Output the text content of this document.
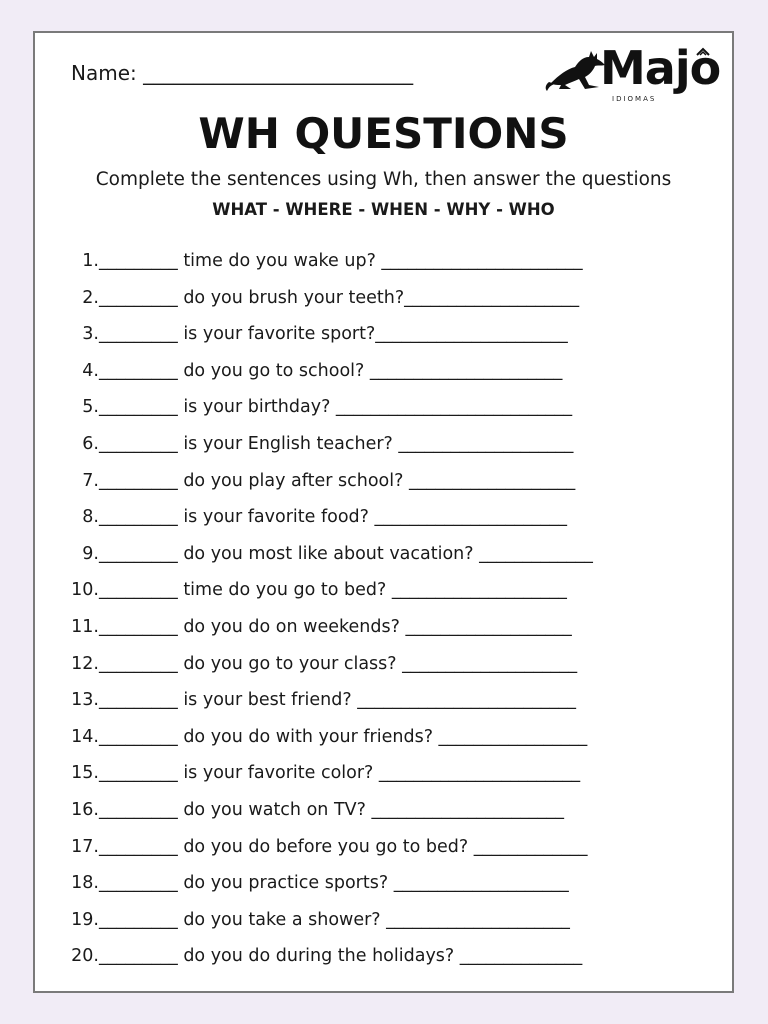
Name: ___________________________	Majo
IDIOMAS
WH QUESTIONS
Complete the sentences using Wh, then answer the questions
WHAT - WHERE - WHEN - WHY - WHO
1._________ time do you wake up? _______________________
2._________ do you brush your teeth?____________________
3._________ is your favorite sport?______________________
4._________ do you go to school? ______________________
5._________ is your birthday? ___________________________
6._________ is your English teacher? ____________________
7._________ do you play after school? ___________________
8._________ is your favorite food? ______________________
9._________ do you most like about vacation? _____________
10._________ time do you go to bed? ____________________
11._________ do you do on weekends? ___________________
12._________ do you go to your class? ____________________
13._________ is your best friend? _________________________
14._________ do you do with your friends? _________________
15._________ is your favorite color? _______________________
16._________ do you watch on TV? ______________________
17._________ do you do before you go to bed? _____________
18._________ do you practice sports? ____________________
19._________ do you take a shower? _____________________
20._________ do you do during the holidays? ______________
